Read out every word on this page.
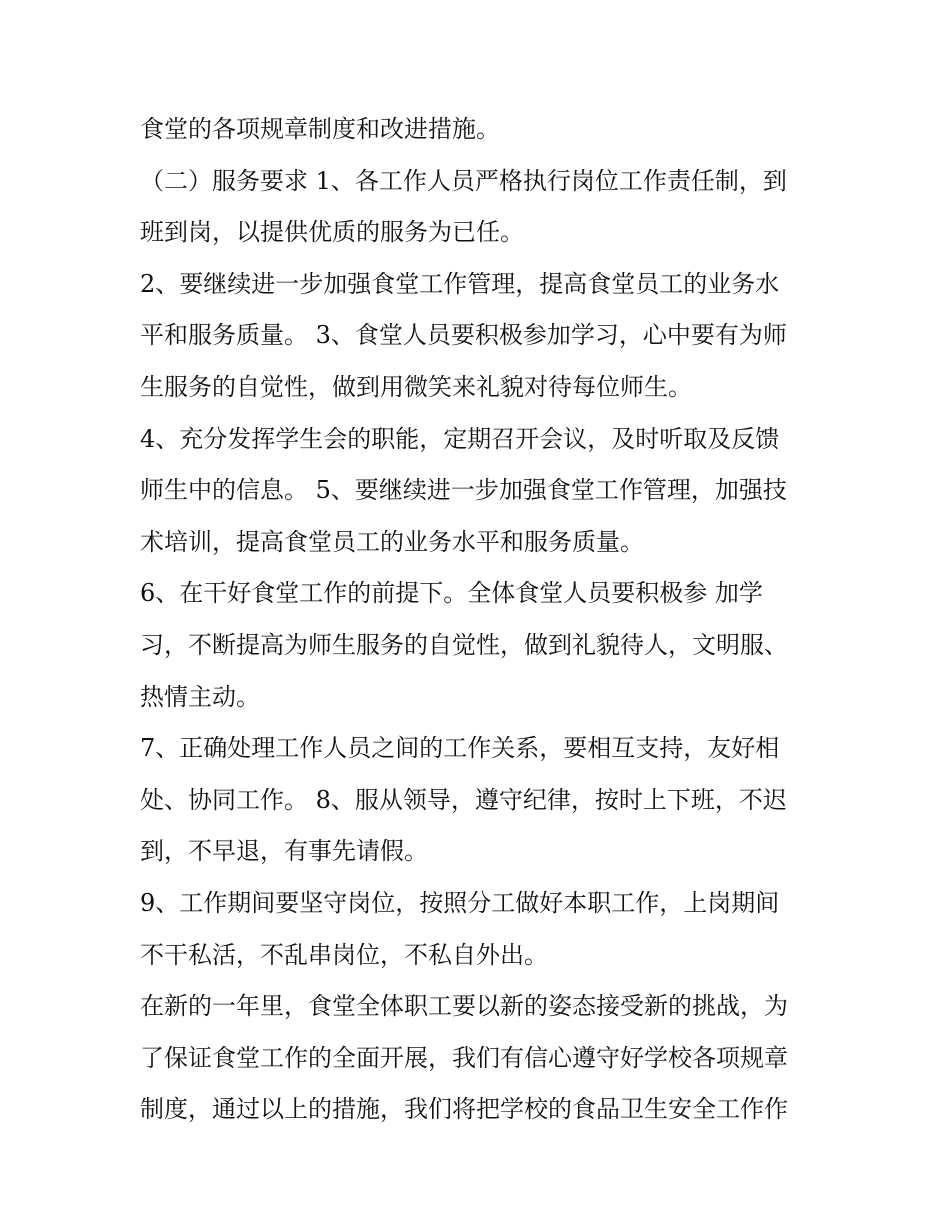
食堂的各项规章制度和改进措施。
（二）服务要求 1、各工作人员严格执行岗位工作责任制，到
班到岗，以提供优质的服务为已任。
2、要继续进一步加强食堂工作管理，提高食堂员工的业务水
平和服务质量。 3、食堂人员要积极参加学习，心中要有为师
生服务的自觉性，做到用微笑来礼貌对待每位师生。
4、充分发挥学生会的职能，定期召开会议，及时听取及反馈
师生中的信息。 5、要继续进一步加强食堂工作管理，加强技
术培训，提高食堂员工的业务水平和服务质量。
6、在干好食堂工作的前提下。全体食堂人员要积极参 加学
习，不断提高为师生服务的自觉性，做到礼貌待人，文明服、
热情主动。
7、正确处理工作人员之间的工作关系，要相互支持，友好相
处、协同工作。 8、服从领导，遵守纪律，按时上下班，不迟
到，不早退，有事先请假。
9、工作期间要坚守岗位，按照分工做好本职工作，上岗期间
不干私活，不乱串岗位，不私自外出。
在新的一年里，食堂全体职工要以新的姿态接受新的挑战，为
了保证食堂工作的全面开展，我们有信心遵守好学校各项规章
制度，通过以上的措施，我们将把学校的食品卫生安全工作作
